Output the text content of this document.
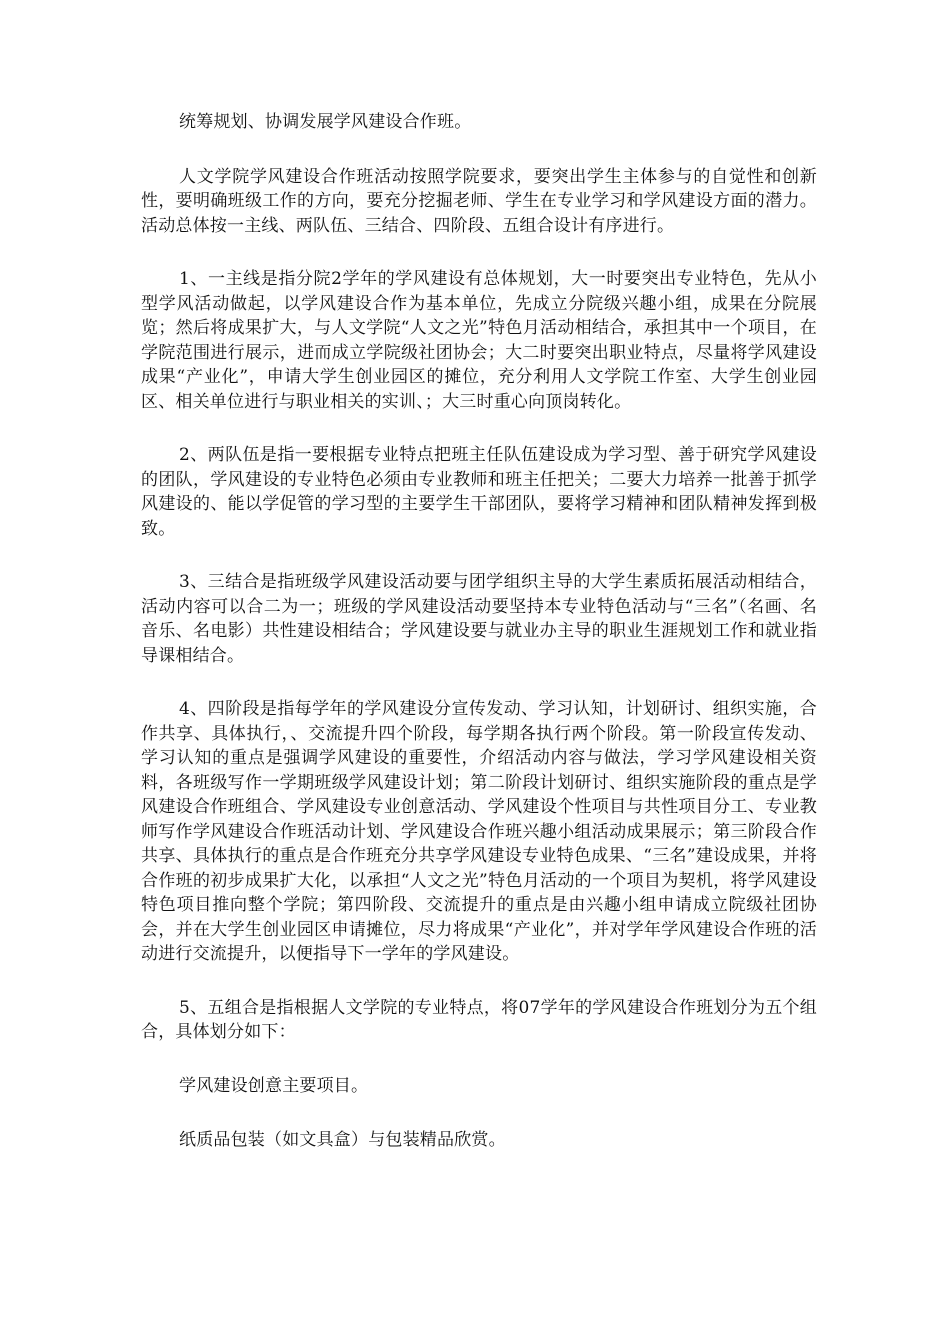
统筹规划、协调发展学风建设合作班。

人文学院学风建设合作班活动按照学院要求，要突出学生主体参与的自觉性和创新性，要明确班级工作的方向，要充分挖掘老师、学生在专业学习和学风建设方面的潜力。活动总体按一主线、两队伍、三结合、四阶段、五组合设计有序进行。

1、一主线是指分院2学年的学风建设有总体规划，大一时要突出专业特色，先从小型学风活动做起，以学风建设合作为基本单位，先成立分院级兴趣小组，成果在分院展览；然后将成果扩大，与人文学院“人文之光”特色月活动相结合，承担其中一个项目，在学院范围进行展示，进而成立学院级社团协会；大二时要突出职业特点，尽量将学风建设成果“产业化”，申请大学生创业园区的摊位，充分利用人文学院工作室、大学生创业园区、相关单位进行与职业相关的实训、；大三时重心向顶岗转化。

2、两队伍是指一要根据专业特点把班主任队伍建设成为学习型、善于研究学风建设的团队，学风建设的专业特色必须由专业教师和班主任把关；二要大力培养一批善于抓学风建设的、能以学促管的学习型的主要学生干部团队，要将学习精神和团队精神发挥到极致。

3、三结合是指班级学风建设活动要与团学组织主导的大学生素质拓展活动相结合，活动内容可以合二为一；班级的学风建设活动要坚持本专业特色活动与“三名”（名画、名音乐、名电影）共性建设相结合；学风建设要与就业办主导的职业生涯规划工作和就业指导课相结合。

4、四阶段是指每学年的学风建设分宣传发动、学习认知，计划研讨、组织实施，合作共享、具体执行，、交流提升四个阶段，每学期各执行两个阶段。第一阶段宣传发动、学习认知的重点是强调学风建设的重要性，介绍活动内容与做法，学习学风建设相关资料，各班级写作一学期班级学风建设计划；第二阶段计划研讨、组织实施阶段的重点是学风建设合作班组合、学风建设专业创意活动、学风建设个性项目与共性项目分工、专业教师写作学风建设合作班活动计划、学风建设合作班兴趣小组活动成果展示；第三阶段合作共享、具体执行的重点是合作班充分共享学风建设专业特色成果、“三名”建设成果，并将合作班的初步成果扩大化，以承担“人文之光”特色月活动的一个项目为契机，将学风建设特色项目推向整个学院；第四阶段、交流提升的重点是由兴趣小组申请成立院级社团协会，并在大学生创业园区申请摊位，尽力将成果“产业化”，并对学年学风建设合作班的活动进行交流提升，以便指导下一学年的学风建设。

5、五组合是指根据人文学院的专业特点，将07学年的学风建设合作班划分为五个组合，具体划分如下：

学风建设创意主要项目。

纸质品包装（如文具盒）与包装精品欣赏。
